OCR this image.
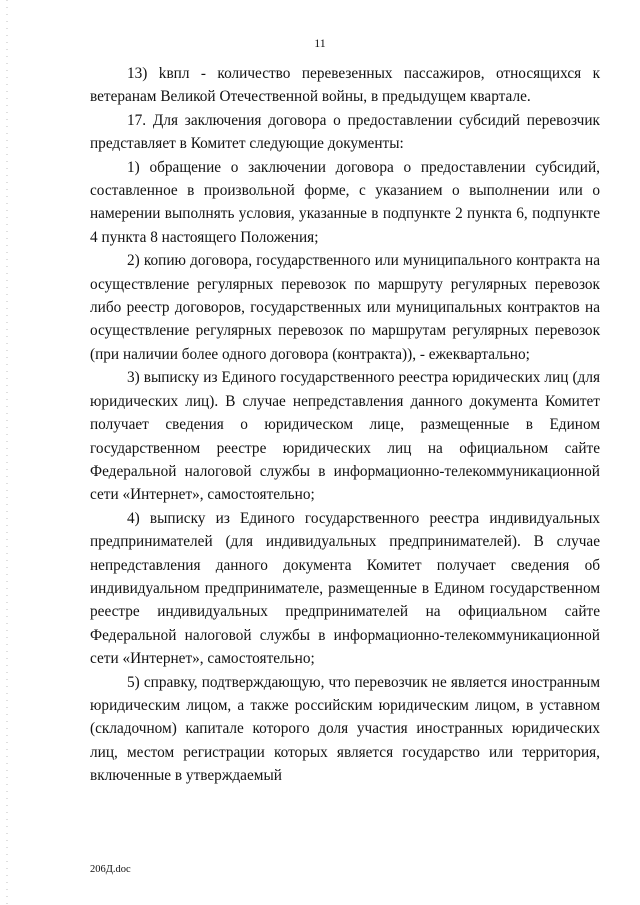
11

13) kвпл - количество перевезенных пассажиров, относящихся к ветеранам Великой Отечественной войны, в предыдущем квартале.

17. Для заключения договора о предоставлении субсидий перевозчик представляет в Комитет следующие документы:

1) обращение о заключении договора о предоставлении субсидий, составленное в произвольной форме, с указанием о выполнении или о намерении выполнять условия, указанные в подпункте 2 пункта 6, подпункте 4 пункта 8 настоящего Положения;

2) копию договора, государственного или муниципального контракта на осуществление регулярных перевозок по маршруту регулярных перевозок либо реестр договоров, государственных или муниципальных контрактов на осуществление регулярных перевозок по маршрутам регулярных перевозок (при наличии более одного договора (контракта)), - ежеквартально;

3) выписку из Единого государственного реестра юридических лиц (для юридических лиц). В случае непредставления данного документа Комитет получает сведения о юридическом лице, размещенные в Едином государственном реестре юридических лиц на официальном сайте Федеральной налоговой службы в информационно-телекоммуникационной сети «Интернет», самостоятельно;

4) выписку из Единого государственного реестра индивидуальных предпринимателей (для индивидуальных предпринимателей). В случае непредставления данного документа Комитет получает сведения об индивидуальном предпринимателе, размещенные в Едином государственном реестре индивидуальных предпринимателей на официальном сайте Федеральной налоговой службы в информационно-телекоммуникационной сети «Интернет», самостоятельно;

5) справку, подтверждающую, что перевозчик не является иностранным юридическим лицом, а также российским юридическим лицом, в уставном (складочном) капитале которого доля участия иностранных юридических лиц, местом регистрации которых является государство или территория, включенные в утверждаемый

206Д.doc
